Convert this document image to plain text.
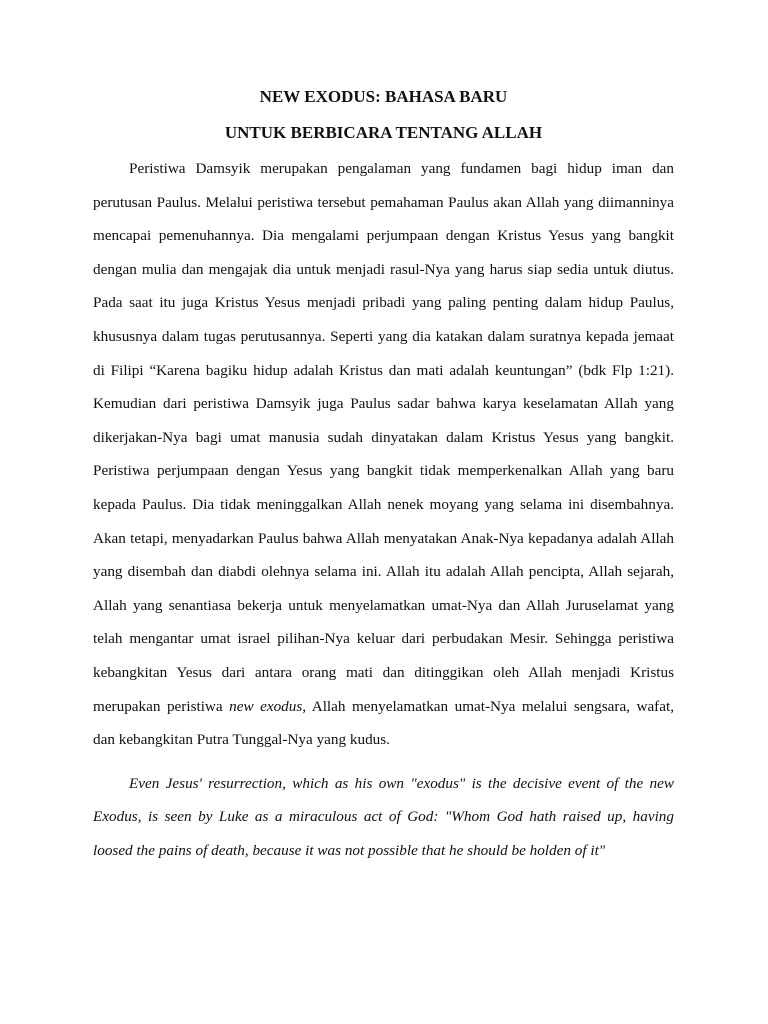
NEW EXODUS: BAHASA BARU
UNTUK BERBICARA TENTANG ALLAH

Peristiwa Damsyik merupakan pengalaman yang fundamen bagi hidup iman dan perutusan Paulus. Melalui peristiwa tersebut pemahaman Paulus akan Allah yang diimanninya mencapai pemenuhannya. Dia mengalami perjumpaan dengan Kristus Yesus yang bangkit dengan mulia dan mengajak dia untuk menjadi rasul-Nya yang harus siap sedia untuk diutus. Pada saat itu juga Kristus Yesus menjadi pribadi yang paling penting dalam hidup Paulus, khususnya dalam tugas perutusannya. Seperti yang dia katakan dalam suratnya kepada jemaat di Filipi “Karena bagiku hidup adalah Kristus dan mati adalah keuntungan” (bdk Flp 1:21). Kemudian dari peristiwa Damsyik juga Paulus sadar bahwa karya keselamatan Allah yang dikerjakan-Nya bagi umat manusia sudah dinyatakan dalam Kristus Yesus yang bangkit. Peristiwa perjumpaan dengan Yesus yang bangkit tidak memperkenalkan Allah yang baru kepada Paulus. Dia tidak meninggalkan Allah nenek moyang yang selama ini disembahnya. Akan tetapi, menyadarkan Paulus bahwa Allah menyatakan Anak-Nya kepadanya adalah Allah yang disembah dan diabdi olehnya selama ini. Allah itu adalah Allah pencipta, Allah sejarah, Allah yang senantiasa bekerja untuk menyelamatkan umat-Nya dan Allah Juruselamat yang telah mengantar umat israel pilihan-Nya keluar dari perbudakan Mesir. Sehingga peristiwa kebangkitan Yesus dari antara orang mati dan ditinggikan oleh Allah menjadi Kristus merupakan peristiwa new exodus, Allah menyelamatkan umat-Nya melalui sengsara, wafat, dan kebangkitan Putra Tunggal-Nya yang kudus.

Even Jesus' resurrection, which as his own "exodus" is the decisive event of the new Exodus, is seen by Luke as a miraculous act of God: "Whom God hath raised up, having loosed the pains of death, because it was not possible that he should be holden of it"
